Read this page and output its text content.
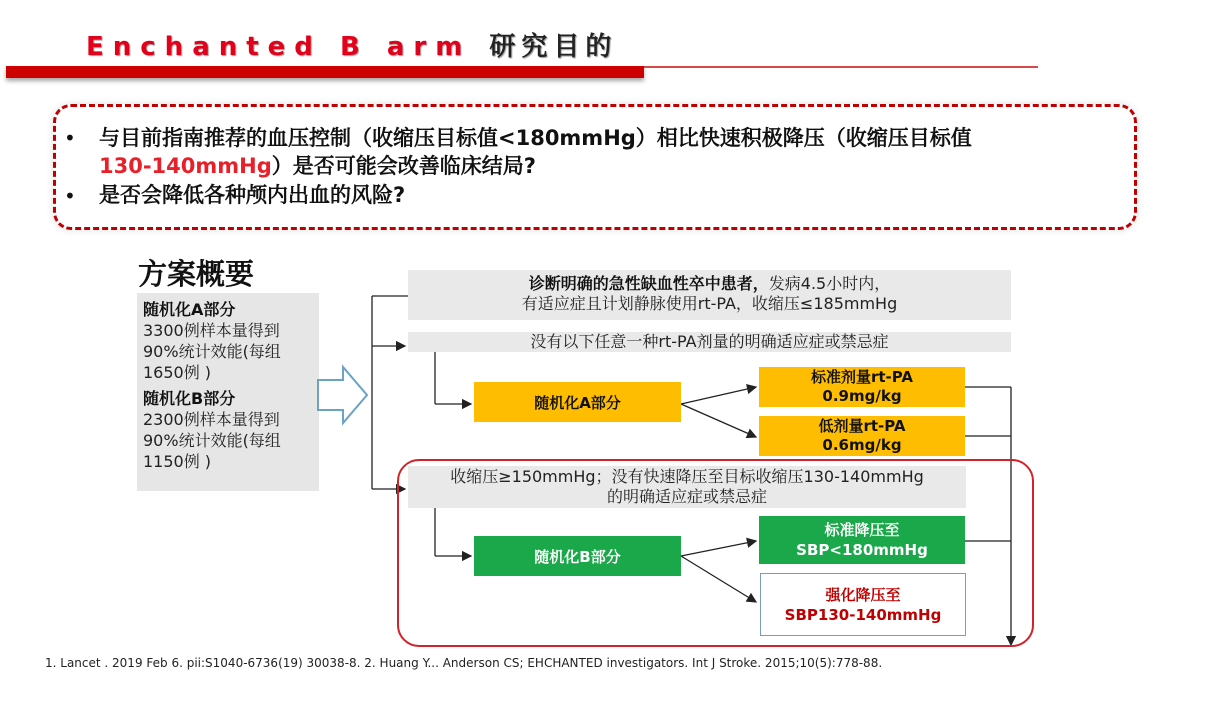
Enchanted B arm 研究目的
• 与目前指南推荐的血压控制（收缩压目标值<180mmHg）相比快速积极降压（收缩压目标值
130-140mmHg）是否可能会改善临床结局?
• 是否会降低各种颅内出血的风险?
方案概要
随机化A部分
3300例样本量得到
90%统计效能(每组
1650例 )
随机化B部分
2300例样本量得到
90%统计效能(每组
1150例 )
诊断明确的急性缺血性卒中患者，发病4.5小时内，
有适应症且计划静脉使用rt-PA，收缩压≤185mmHg
没有以下任意一种rt-PA剂量的明确适应症或禁忌症
随机化A部分
标准剂量rt-PA
0.9mg/kg
低剂量rt-PA
0.6mg/kg
收缩压≥150mmHg；没有快速降压至目标收缩压130-140mmHg
的明确适应症或禁忌症
随机化B部分
标准降压至
SBP<180mmHg
强化降压至
SBP130-140mmHg
1. Lancet . 2019 Feb 6. pii:S1040-6736(19) 30038-8. 2. Huang Y... Anderson CS; EHCHANTED investigators. Int J Stroke. 2015;10(5):778-88.
